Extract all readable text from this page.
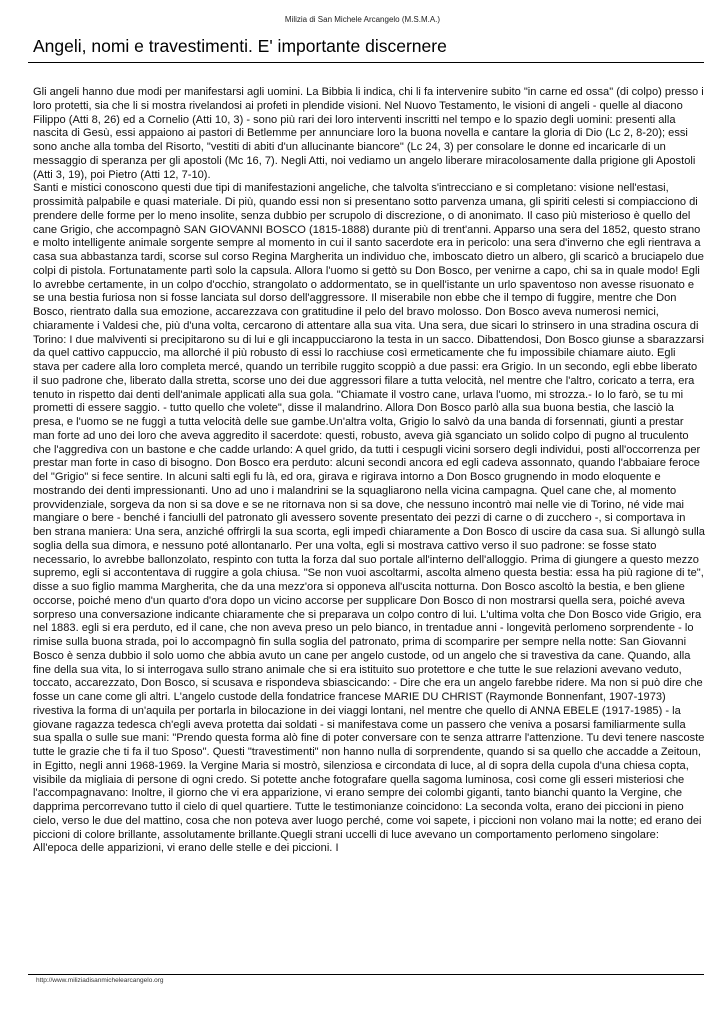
Milizia di San Michele Arcangelo (M.S.M.A.)
Angeli, nomi e travestimenti. E' importante discernere

Gli angeli hanno due modi per manifestarsi agli uomini. La Bibbia li indica, chi li fa intervenire subito "in carne ed ossa" (di colpo) presso i loro protetti, sia che li si mostra rivelandosi ai profeti in plendide visioni. Nel Nuovo Testamento, le visioni di angeli - quelle al diacono Filippo (Atti 8, 26) ed a Cornelio (Atti 10, 3) - sono più rari dei loro interventi inscritti nel tempo e lo spazio degli uomini: presenti alla nascita di Gesù, essi appaiono ai pastori di Betlemme per annunciare loro la buona novella e cantare la gloria di Dio (Lc 2, 8-20); essi sono anche alla tomba del Risorto, "vestiti di abiti d'un allucinante biancore" (Lc 24, 3) per consolare le donne ed incaricarle di un messaggio di speranza per gli apostoli (Mc 16, 7). Negli Atti, noi vediamo un angelo liberare miracolosamente dalla prigione gli Apostoli (Atti 3, 19), poi Pietro (Atti 12, 7-10).

Santi e mistici conoscono questi due tipi di manifestazioni angeliche, che talvolta s'intrecciano e si completano: visione nell'estasi, prossimità palpabile e quasi materiale. Di più, quando essi non si presentano sotto parvenza umana, gli spiriti celesti si compiacciono di prendere delle forme per lo meno insolite, senza dubbio per scrupolo di discrezione, o di anonimato. Il caso più misterioso è quello del cane Grigio, che accompagnò SAN GIOVANNI BOSCO (1815-1888) durante più di trent'anni. Apparso una sera del 1852, questo strano e molto intelligente animale sorgente sempre al momento in cui il santo sacerdote era in pericolo: una sera d'inverno che egli rientrava a casa sua abbastanza tardi, scorse sul corso Regina Margherita un individuo che, imboscato dietro un albero, gli scaricò a bruciapelo due colpi di pistola. Fortunatamente partì solo la capsula. Allora l'uomo si gettò su Don Bosco, per venirne a capo, chi sa in quale modo! Egli lo avrebbe certamente, in un colpo d'occhio, strangolato o addormentato, se in quell'istante un urlo spaventoso non avesse risuonato e se una bestia furiosa non si fosse lanciata sul dorso dell'aggressore. Il miserabile non ebbe che il tempo di fuggire, mentre che Don Bosco, rientrato dalla sua emozione, accarezzava con gratitudine il pelo del bravo molosso. Don Bosco aveva numerosi nemici, chiaramente i Valdesi che, più d'una volta, cercarono di attentare alla sua vita. Una sera, due sicari lo strinsero in una stradina oscura di Torino: I due malviventi si precipitarono su di lui e gli incappucciarono la testa in un sacco. Dibattendosi, Don Bosco giunse a sbarazzarsi da quel cattivo cappuccio, ma allorché il più robusto di essi lo racchiuse così ermeticamente che fu impossibile chiamare aiuto. Egli stava per cadere alla loro completa mercé, quando un terribile ruggito scoppiò a due passi: era Grigio. In un secondo, egli ebbe liberato il suo padrone che, liberato dalla stretta, scorse uno dei due aggressori filare a tutta velocità, nel mentre che l'altro, coricato a terra, era tenuto in rispetto dai denti dell'animale applicati alla sua gola. "Chiamate il vostro cane, urlava l'uomo, mi strozza.- Io lo farò, se tu mi prometti di essere saggio. - tutto quello che volete", disse il malandrino. Allora Don Bosco parlò alla sua buona bestia, che lasciò la presa, e l'uomo se ne fuggì a tutta velocità delle sue gambe.Un'altra volta, Grigio lo salvò da una banda di forsennati, giunti a prestar man forte ad uno dei loro che aveva aggredito il sacerdote: questi, robusto, aveva già sganciato un solido colpo di pugno al truculento che l'aggrediva con un bastone e che cadde urlando: A quel grido, da tutti i cespugli vicini sorsero degli individui, posti all'occorrenza per prestar man forte in caso di bisogno. Don Bosco era perduto: alcuni secondi ancora ed egli cadeva assonnato, quando l'abbaiare feroce del "Grigio" si fece sentire. In alcuni salti egli fu là, ed ora, girava e rigirava intorno a Don Bosco grugnendo in modo eloquente e mostrando dei denti impressionanti. Uno ad uno i malandrini se la squagliarono nella vicina campagna. Quel cane che, al momento provvidenziale, sorgeva da non si sa dove e se ne ritornava non si sa dove, che nessuno incontrò mai nelle vie di Torino, né vide mai mangiare o bere - benché i fanciulli del patronato gli avessero sovente presentato dei pezzi di carne o di zucchero -, si comportava in ben strana maniera: Una sera, anziché offrirgli la sua scorta, egli impedì chiaramente a Don Bosco di uscire da casa sua. Si allungò sulla soglia della sua dimora, e nessuno poté allontanarlo. Per una volta, egli si mostrava cattivo verso il suo padrone: se fosse stato necessario, lo avrebbe ballonzolato, respinto con tutta la forza dal suo portale all'interno dell'alloggio. Prima di giungere a questo mezzo supremo, egli si accontentava di ruggire a gola chiusa. "Se non vuoi ascoltarmi, ascolta almeno questa bestia: essa ha più ragione di te", disse a suo figlio mamma Margherita, che da una mezz'ora si opponeva all'uscita notturna. Don Bosco ascoltò la bestia, e ben gliene occorse, poiché meno d'un quarto d'ora dopo un vicino accorse per supplicare Don Bosco di non mostrarsi quella sera, poiché aveva sorpreso una conversazione indicante chiaramente che si preparava un colpo contro di lui. L'ultima volta che Don Bosco vide Grigio, era nel 1883. egli si era perduto, ed il cane, che non aveva preso un pelo bianco, in trentadue anni - longevità perlomeno sorprendente - lo rimise sulla buona strada, poi lo accompagnò fin sulla soglia del patronato, prima di scomparire per sempre nella notte: San Giovanni Bosco è senza dubbio il solo uomo che abbia avuto un cane per angelo custode, od un angelo che si travestiva da cane. Quando, alla fine della sua vita, lo si interrogava sullo strano animale che si era istituito suo protettore e che tutte le sue relazioni avevano veduto, toccato, accarezzato, Don Bosco, si scusava e rispondeva sbiascicando: - Dire che era un angelo farebbe ridere. Ma non si può dire che fosse un cane come gli altri. L'angelo custode della fondatrice francese MARIE DU CHRIST (Raymonde Bonnenfant, 1907-1973) rivestiva la forma di un'aquila per portarla in bilocazione in dei viaggi lontani, nel mentre che quello di ANNA EBELE (1917-1985) - la giovane ragazza tedesca ch'egli aveva protetta dai soldati - si manifestava come un passero che veniva a posarsi familiarmente sulla sua spalla o sulle sue mani: "Prendo questa forma alò fine di poter conversare con te senza attrarre l'attenzione. Tu devi tenere nascoste tutte le grazie che ti fa il tuo Sposo". Questi "travestimenti" non hanno nulla di sorprendente, quando si sa quello che accadde a Zeitoun, in Egitto, negli anni 1968-1969. la Vergine Maria si mostrò, silenziosa e circondata di luce, al di sopra della cupola d'una chiesa copta, visibile da migliaia di persone di ogni credo. Si potette anche fotografare quella sagoma luminosa, così come gli esseri misteriosi che l'accompagnavano: Inoltre, il giorno che vi era apparizione, vi erano sempre dei colombi giganti, tanto bianchi quanto la Vergine, che dapprima percorrevano tutto il cielo di quel quartiere. Tutte le testimonianze coincidono: La seconda volta, erano dei piccioni in pieno cielo, verso le due del mattino, cosa che non poteva aver luogo perché, come voi sapete, i piccioni non volano mai la notte; ed erano dei piccioni di colore brillante, assolutamente brillante.Quegli strani uccelli di luce avevano un comportamento perlomeno singolare: All'epoca delle apparizioni, vi erano delle stelle e dei piccioni. I

http://www.miliziadisanmichelearcangelo.org
